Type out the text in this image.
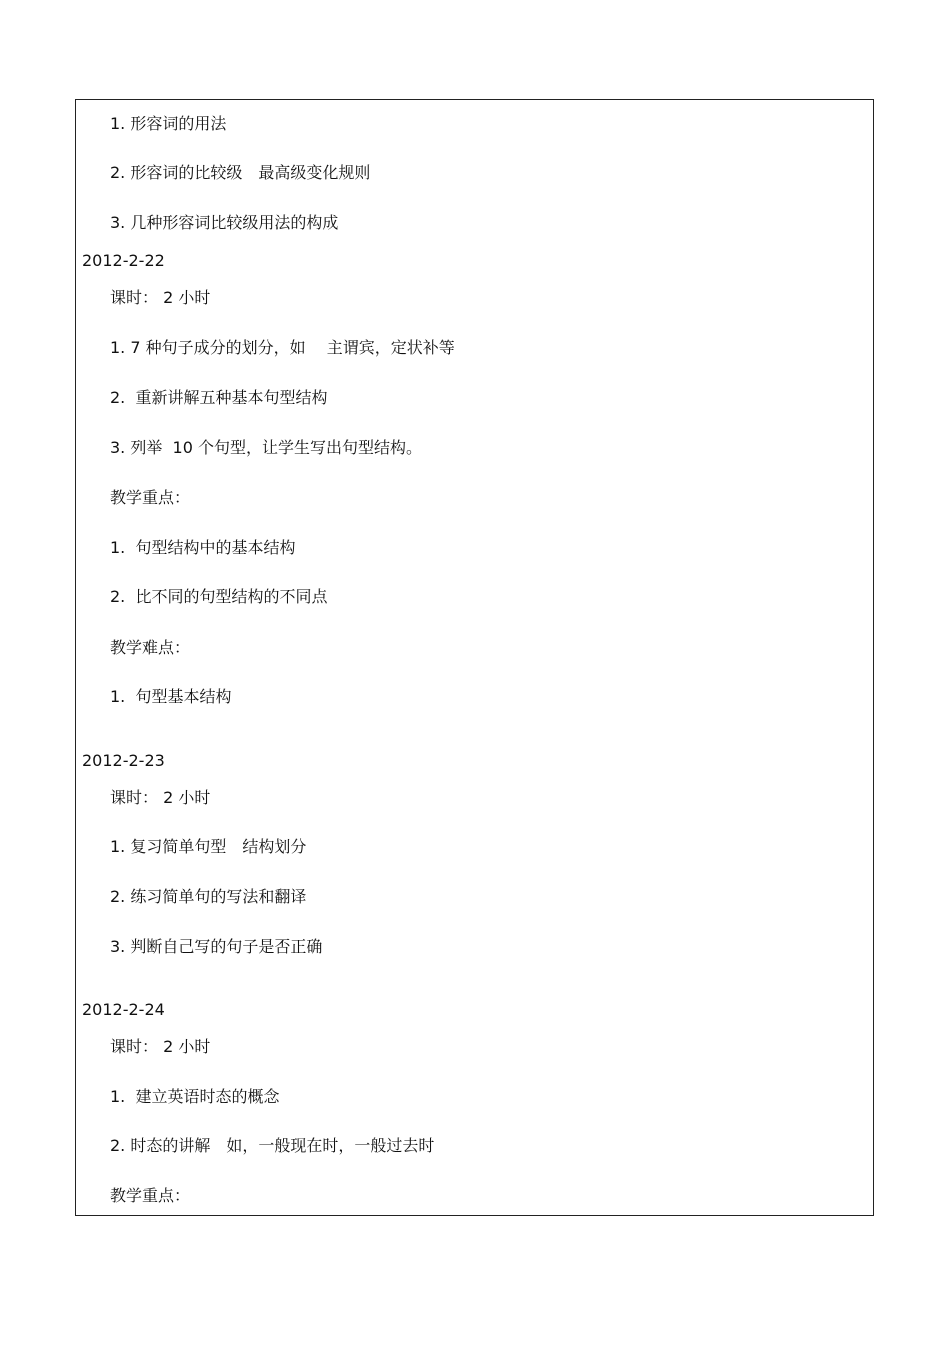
1. 形容词的用法
2. 形容词的比较级　最高级变化规则
3. 几种形容词比较级用法的构成
2012-2-22
课时： 2 小时
1. 7 种句子成分的划分，如　 主谓宾，定状补等
2.  重新讲解五种基本句型结构
3. 列举  10 个句型，让学生写出句型结构。
教学重点：
1.  句型结构中的基本结构
2.  比不同的句型结构的不同点
教学难点：
1.  句型基本结构
2012-2-23
课时： 2 小时
1. 复习简单句型　结构划分
2. 练习简单句的写法和翻译
3. 判断自己写的句子是否正确
2012-2-24
课时： 2 小时
1.  建立英语时态的概念
2. 时态的讲解　如，一般现在时，一般过去时
教学重点：
